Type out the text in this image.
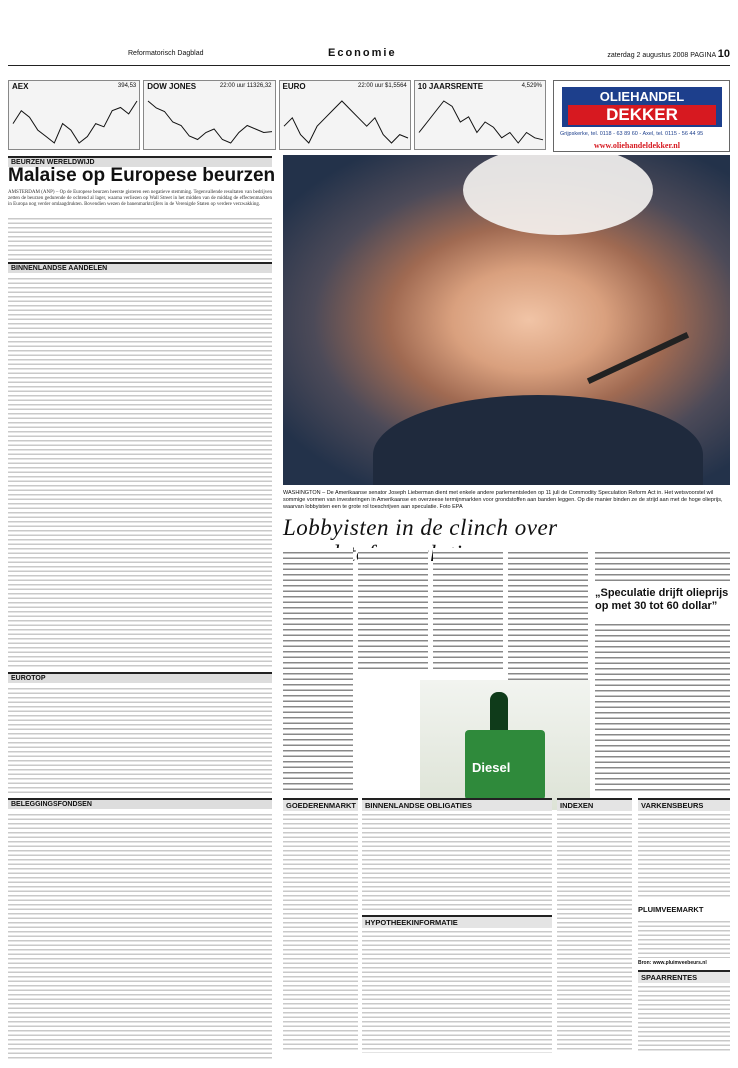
Reformatorisch Dagblad	Economie	zaterdag 2 augustus 2008 PAGINA 10
AEX	394,53 DOW JONES	22:00 uur 11326,32 EURO	22:00 uur $1,5564 10 JAARSRENTE	4,529%
OLIEHANDEL
DEKKER
Grijpskerke, tel. 0118 - 63 89 60 - Axel, tel. 0115 - 56 44 95
www.oliehandeldekker.nl
BEURZEN WERELDWIJD
Malaise op Europese beurzen
AMSTERDAM (ANP) – Op de Europese beurzen heerste gisteren een negatieve stemming. Tegenvallende resultaten van bedrijven zetten de beurzen gedurende de ochtend al lager, waarna verliezen op Wall Street in het midden van de middag de effectenmarkten in Europa nog verder omlaagdrukten. Bovendien wezen de banenmarktcijfers in de Verenigde Staten op verdere verzwakking.
BINNENLANDSE AANDELEN
EUROTOP
BELEGGINGSFONDSEN
WASHINGTON – De Amerikaanse senator Joseph Lieberman dient met enkele andere parlementsleden op 11 juli de Commodity Speculation Reform Act in. Het wetsvoorstel wil sommige vormen van investeringen in Amerikaanse en overzeese termijnmarkten voor grondstoffen aan banden leggen. Op die manier binden ze de strijd aan met de hoge olieprijs, waarvan lobbyisten een te grote rol toeschrijven aan speculatie. Foto EPA
Lobbyisten in de clinch over
„Speculatie drijft olieprijs op met 30 tot 60 dollar”
Diesel
GOEDERENMARKT	BINNENLANDSE OBLIGATIES
HYPOTHEEKINFORMATIE
INDEXEN	VARKENSBEURS
PLUIMVEEMARKT
Bron: www.pluimveebeurs.nl
SPAARRENTES
